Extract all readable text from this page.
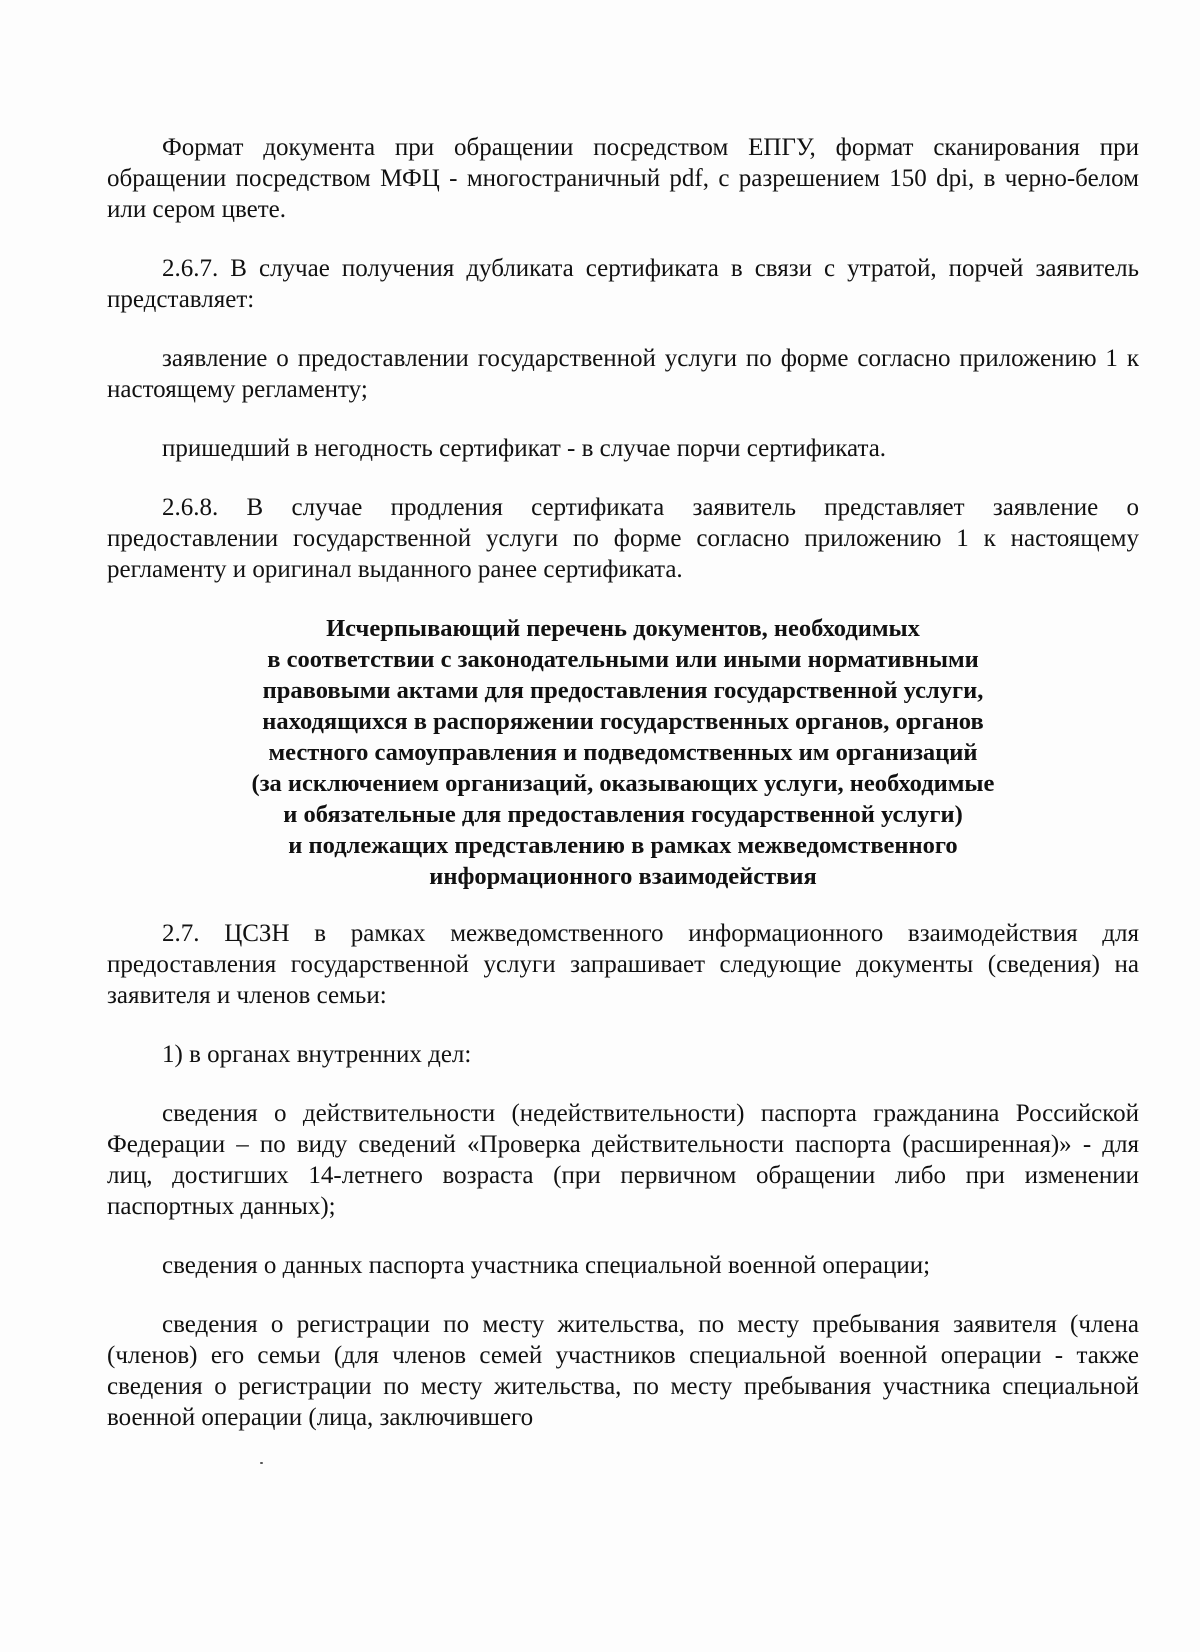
Формат документа при обращении посредством ЕПГУ, формат сканирования при обращении посредством МФЦ - многостраничный pdf, с разрешением 150 dpi, в черно-белом или сером цвете.

2.6.7. В случае получения дубликата сертификата в связи с утратой, порчей заявитель представляет:

заявление о предоставлении государственной услуги по форме согласно приложению 1 к настоящему регламенту;

пришедший в негодность сертификат - в случае порчи сертификата.

2.6.8. В случае продления сертификата заявитель представляет заявление о предоставлении государственной услуги по форме согласно приложению 1 к настоящему регламенту и оригинал выданного ранее сертификата.

Исчерпывающий перечень документов, необходимых
в соответствии с законодательными или иными нормативными
правовыми актами для предоставления государственной услуги,
находящихся в распоряжении государственных органов, органов
местного самоуправления и подведомственных им организаций
(за исключением организаций, оказывающих услуги, необходимые
и обязательные для предоставления государственной услуги)
и подлежащих представлению в рамках межведомственного
информационного взаимодействия

2.7. ЦСЗН в рамках межведомственного информационного взаимодействия для предоставления государственной услуги запрашивает следующие документы (сведения) на заявителя и членов семьи:

1) в органах внутренних дел:

сведения о действительности (недействительности) паспорта гражданина Российской Федерации – по виду сведений «Проверка действительности паспорта (расширенная)» - для лиц, достигших 14-летнего возраста (при первичном обращении либо при изменении паспортных данных);

сведения о данных паспорта участника специальной военной операции;

сведения о регистрации по месту жительства, по месту пребывания заявителя (члена (членов) его семьи (для членов семей участников специальной военной операции - также сведения о регистрации по месту жительства, по месту пребывания участника специальной военной операции (лица, заключившего
